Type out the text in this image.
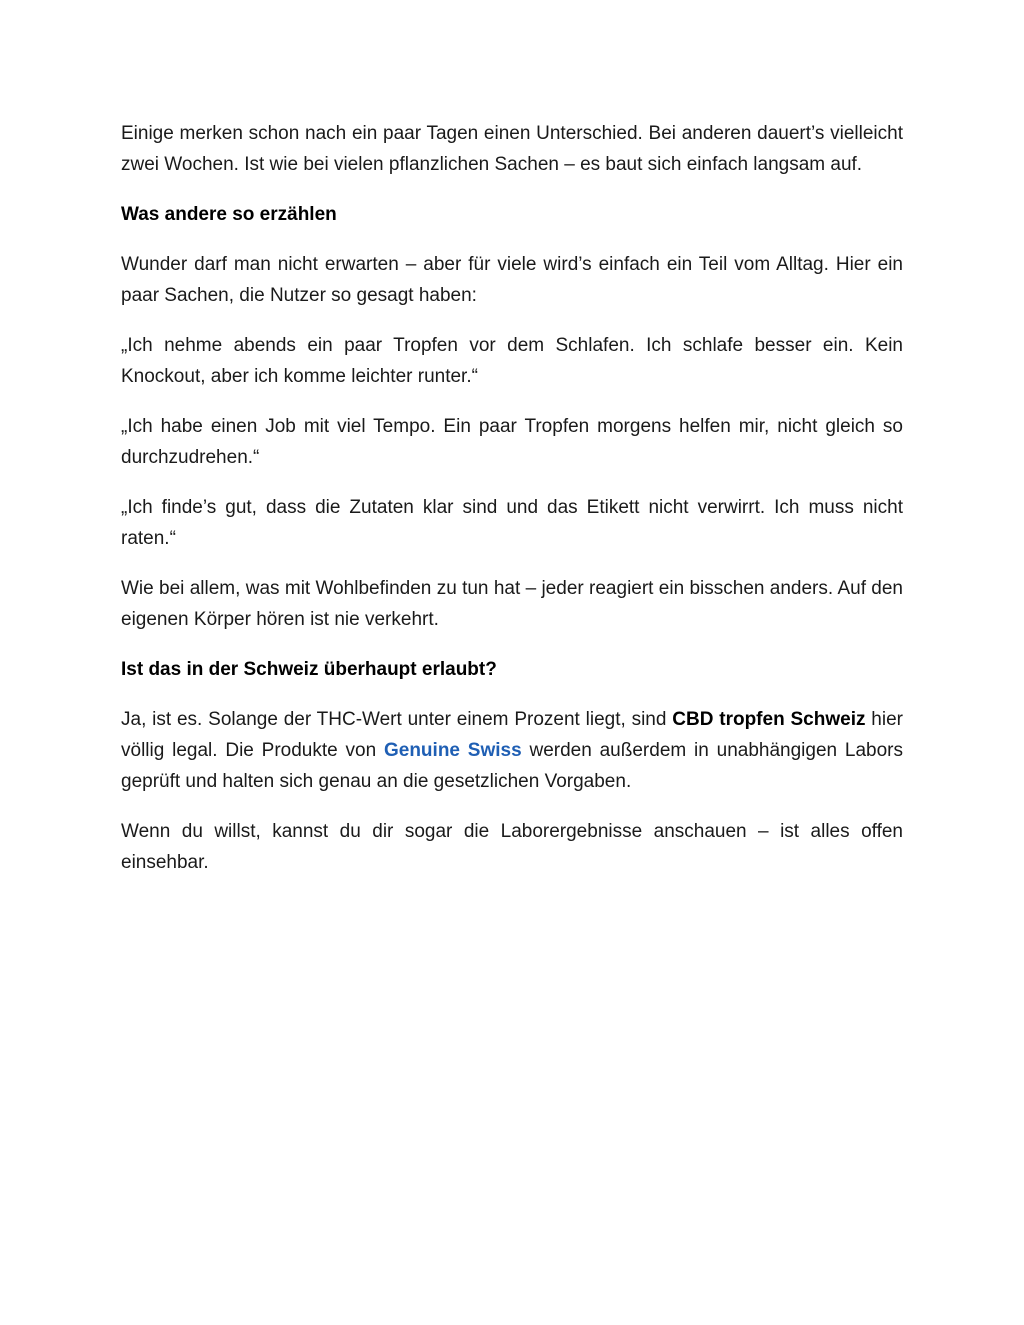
Einige merken schon nach ein paar Tagen einen Unterschied. Bei anderen dauert’s vielleicht zwei Wochen. Ist wie bei vielen pflanzlichen Sachen – es baut sich einfach langsam auf.

Was andere so erzählen

Wunder darf man nicht erwarten – aber für viele wird’s einfach ein Teil vom Alltag. Hier ein paar Sachen, die Nutzer so gesagt haben:

„Ich nehme abends ein paar Tropfen vor dem Schlafen. Ich schlafe besser ein. Kein Knockout, aber ich komme leichter runter.“

„Ich habe einen Job mit viel Tempo. Ein paar Tropfen morgens helfen mir, nicht gleich so durchzudrehen.“

„Ich finde’s gut, dass die Zutaten klar sind und das Etikett nicht verwirrt. Ich muss nicht raten.“

Wie bei allem, was mit Wohlbefinden zu tun hat – jeder reagiert ein bisschen anders. Auf den eigenen Körper hören ist nie verkehrt.

Ist das in der Schweiz überhaupt erlaubt?

Ja, ist es. Solange der THC-Wert unter einem Prozent liegt, sind CBD tropfen Schweiz hier völlig legal. Die Produkte von Genuine Swiss werden außerdem in unabhängigen Labors geprüft und halten sich genau an die gesetzlichen Vorgaben.

Wenn du willst, kannst du dir sogar die Laborergebnisse anschauen – ist alles offen einsehbar.
